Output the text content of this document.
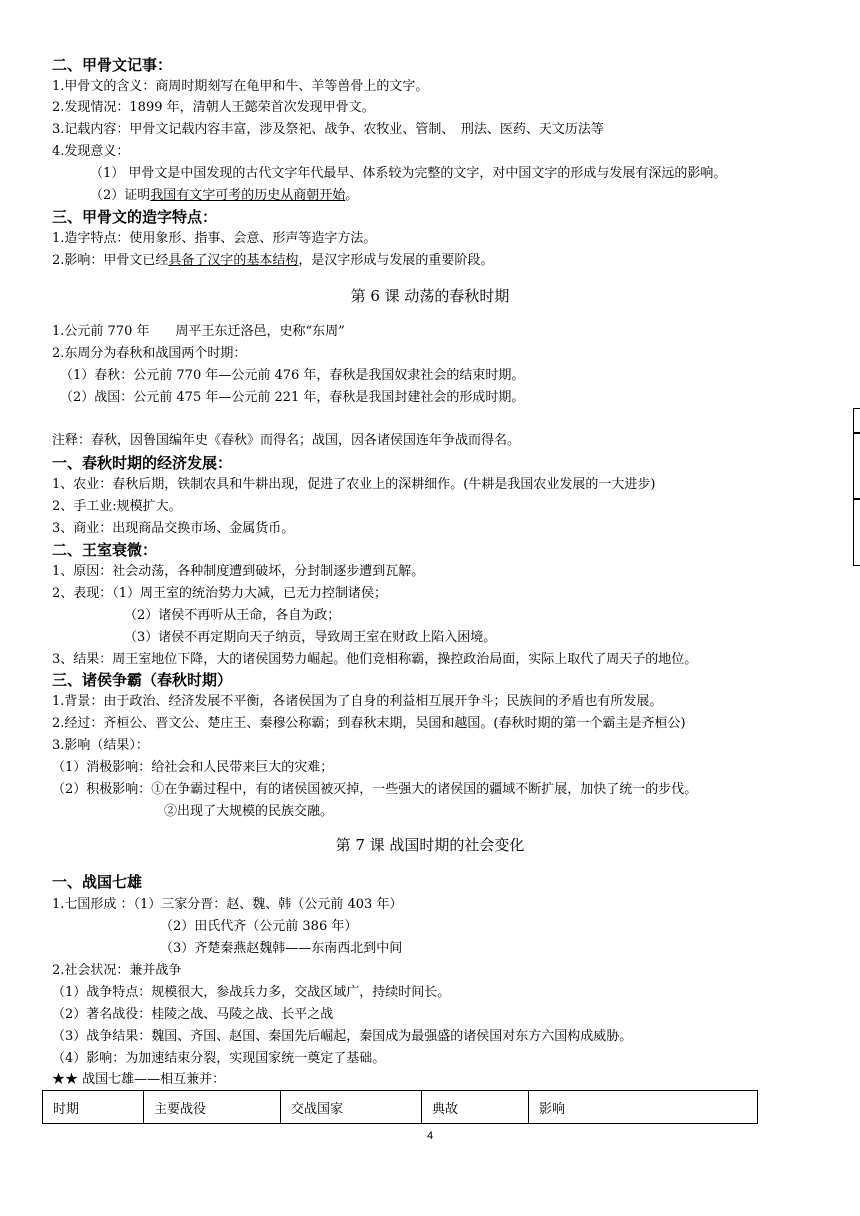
二、甲骨文记事：
1.甲骨文的含义：商周时期刻写在龟甲和牛、羊等兽骨上的文字。
2.发现情况：1899 年，清朝人王懿荣首次发现甲骨文。
3.记载内容：甲骨文记载内容丰富，涉及祭祀、战争、农牧业、管制、　刑法、医药、天文历法等
4.发现意义：
（1） 甲骨文是中国发现的古代文字年代最早、体系较为完整的文字，对中国文字的形成与发展有深远的影响。
（2）证明我国有文字可考的历史从商朝开始。
三、甲骨文的造字特点：
1.造字特点：使用象形、指事、会意、形声等造字方法。
2.影响：甲骨文已经具备了汉字的基本结构，是汉字形成与发展的重要阶段。
第 6 课 动荡的春秋时期
1.公元前 770 年　　周平王东迁洛邑，史称“东周”
2.东周分为春秋和战国两个时期：
（1）春秋：公元前 770 年—公元前 476 年，春秋是我国奴隶社会的结束时期。
（2）战国：公元前 475 年—公元前 221 年，春秋是我国封建社会的形成时期。
注释：春秋，因鲁国编年史《春秋》而得名；战国，因各诸侯国连年争战而得名。
一、春秋时期的经济发展：
1、农业：春秋后期，铁制农具和牛耕出现，促进了农业上的深耕细作。(牛耕是我国农业发展的一大进步)
2、手工业:规模扩大。
3、商业：出现商品交换市场、金属货币。
二、王室衰微：
1、原因：社会动荡，各种制度遭到破坏，分封制逐步遭到瓦解。
2、表现：（1）周王室的统治势力大减，已无力控制诸侯；
（2）诸侯不再听从王命，各自为政；
（3）诸侯不再定期向天子纳贡，导致周王室在财政上陷入困境。
3、结果：周王室地位下降，大的诸侯国势力崛起。他们竞相称霸，操控政治局面，实际上取代了周天子的地位。
三、诸侯争霸（春秋时期）
1.背景：由于政治、经济发展不平衡，各诸侯国为了自身的利益相互展开争斗；民族间的矛盾也有所发展。
2.经过：齐桓公、晋文公、楚庄王、秦穆公称霸；到春秋末期，吴国和越国。(春秋时期的第一个霸主是齐桓公)
3.影响（结果）：
（1）消极影响：给社会和人民带来巨大的灾难；
（2）积极影响：①在争霸过程中，有的诸侯国被灭掉，一些强大的诸侯国的疆域不断扩展，加快了统一的步伐。
②出现了大规模的民族交融。
第 7 课 战国时期的社会变化
一、战国七雄
1.七国形成 ：（1）三家分晋：赵、魏、韩（公元前 403 年）
（2）田氏代齐（公元前 386 年）
（3）齐楚秦燕赵魏韩——东南西北到中间
2.社会状况：兼并战争
（1）战争特点：规模很大，参战兵力多，交战区域广，持续时间长。
（2）著名战役：桂陵之战、马陵之战、长平之战
（3）战争结果：魏国、齐国、赵国、秦国先后崛起，秦国成为最强盛的诸侯国对东方六国构成威胁。
（4）影响：为加速结束分裂，实现国家统一奠定了基础。
★★ 战国七雄——相互兼并：
时期	主要战役	交战国家	典故	影响
4
